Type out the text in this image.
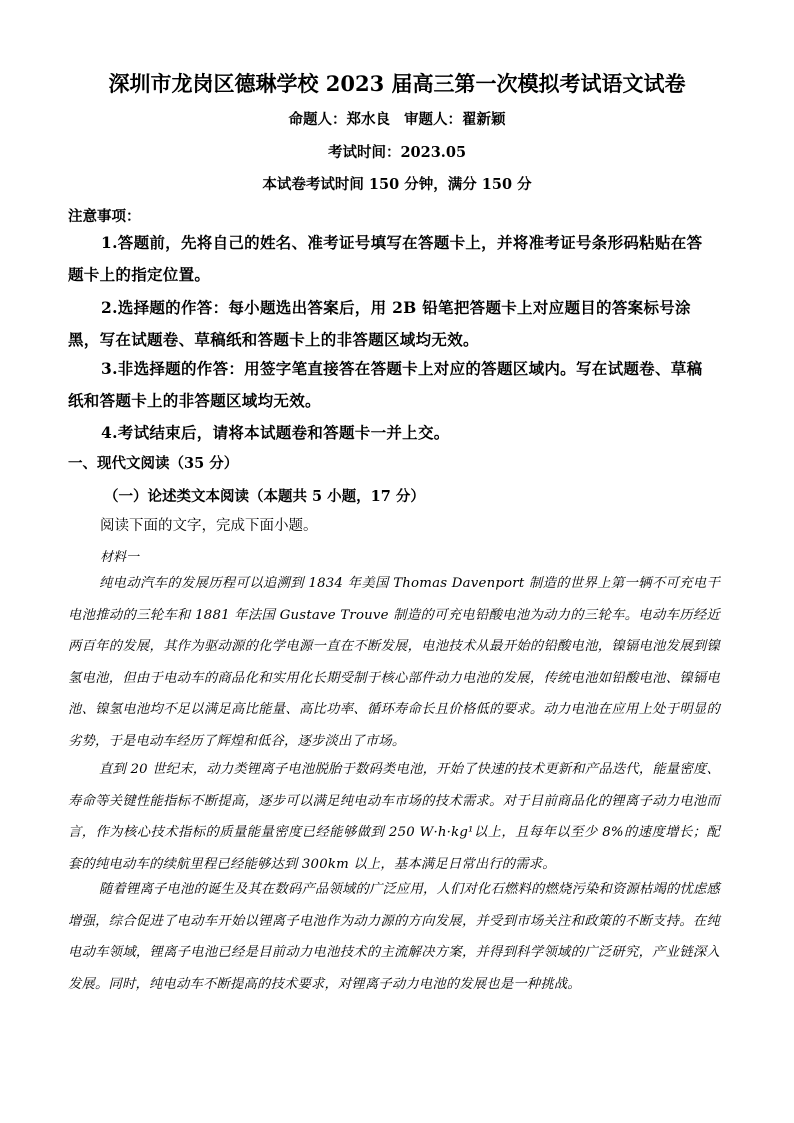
深圳市龙岗区德琳学校 2023 届高三第一次模拟考试语文试卷
命题人：郑水良 审题人：翟新颖
考试时间：2023.05
本试卷考试时间 150 分钟，满分 150 分
注意事项：
1.答题前，先将自己的姓名、准考证号填写在答题卡上，并将准考证号条形码粘贴在答题卡上的指定位置。
2.选择题的作答：每小题选出答案后，用 2B 铅笔把答题卡上对应题目的答案标号涂黑，写在试题卷、草稿纸和答题卡上的非答题区域均无效。
3.非选择题的作答：用签字笔直接答在答题卡上对应的答题区域内。写在试题卷、草稿纸和答题卡上的非答题区域均无效。
4.考试结束后，请将本试题卷和答题卡一并上交。
一、现代文阅读（35 分）
（一）论述类文本阅读（本题共 5 小题，17 分）
阅读下面的文字，完成下面小题。
材料一
纯电动汽车的发展历程可以追溯到 1834 年美国 Thomas Davenport 制造的世界上第一辆不可充电干电池推动的三轮车和 1881 年法国 Gustave Trouve 制造的可充电铅酸电池为动力的三轮车。电动车历经近两百年的发展，其作为驱动源的化学电源一直在不断发展，电池技术从最开始的铅酸电池，镍镉电池发展到镍氢电池，但由于电动车的商品化和实用化长期受制于核心部件动力电池的发展，传统电池如铅酸电池、镍镉电池、镍氢电池均不足以满足高比能量、高比功率、循环寿命长且价格低的要求。动力电池在应用上处于明显的劣势，于是电动车经历了辉煌和低谷，逐步淡出了市场。
直到 20 世纪末，动力类锂离子电池脱胎于数码类电池，开始了快速的技术更新和产品迭代，能量密度、寿命等关键性能指标不断提高，逐步可以满足纯电动车市场的技术需求。对于目前商品化的锂离子动力电池而言，作为核心技术指标的质量能量密度已经能够做到 250 W·h·kg¹以上，且每年以至少 8%的速度增长；配套的纯电动车的续航里程已经能够达到 300km 以上，基本满足日常出行的需求。
随着锂离子电池的诞生及其在数码产品领域的广泛应用，人们对化石燃料的燃烧污染和资源枯竭的忧虑感增强，综合促进了电动车开始以锂离子电池作为动力源的方向发展，并受到市场关注和政策的不断支持。在纯电动车领域，锂离子电池已经是目前动力电池技术的主流解决方案，并得到科学领域的广泛研究，产业链深入发展。同时，纯电动车不断提高的技术要求，对锂离子动力电池的发展也是一种挑战。
